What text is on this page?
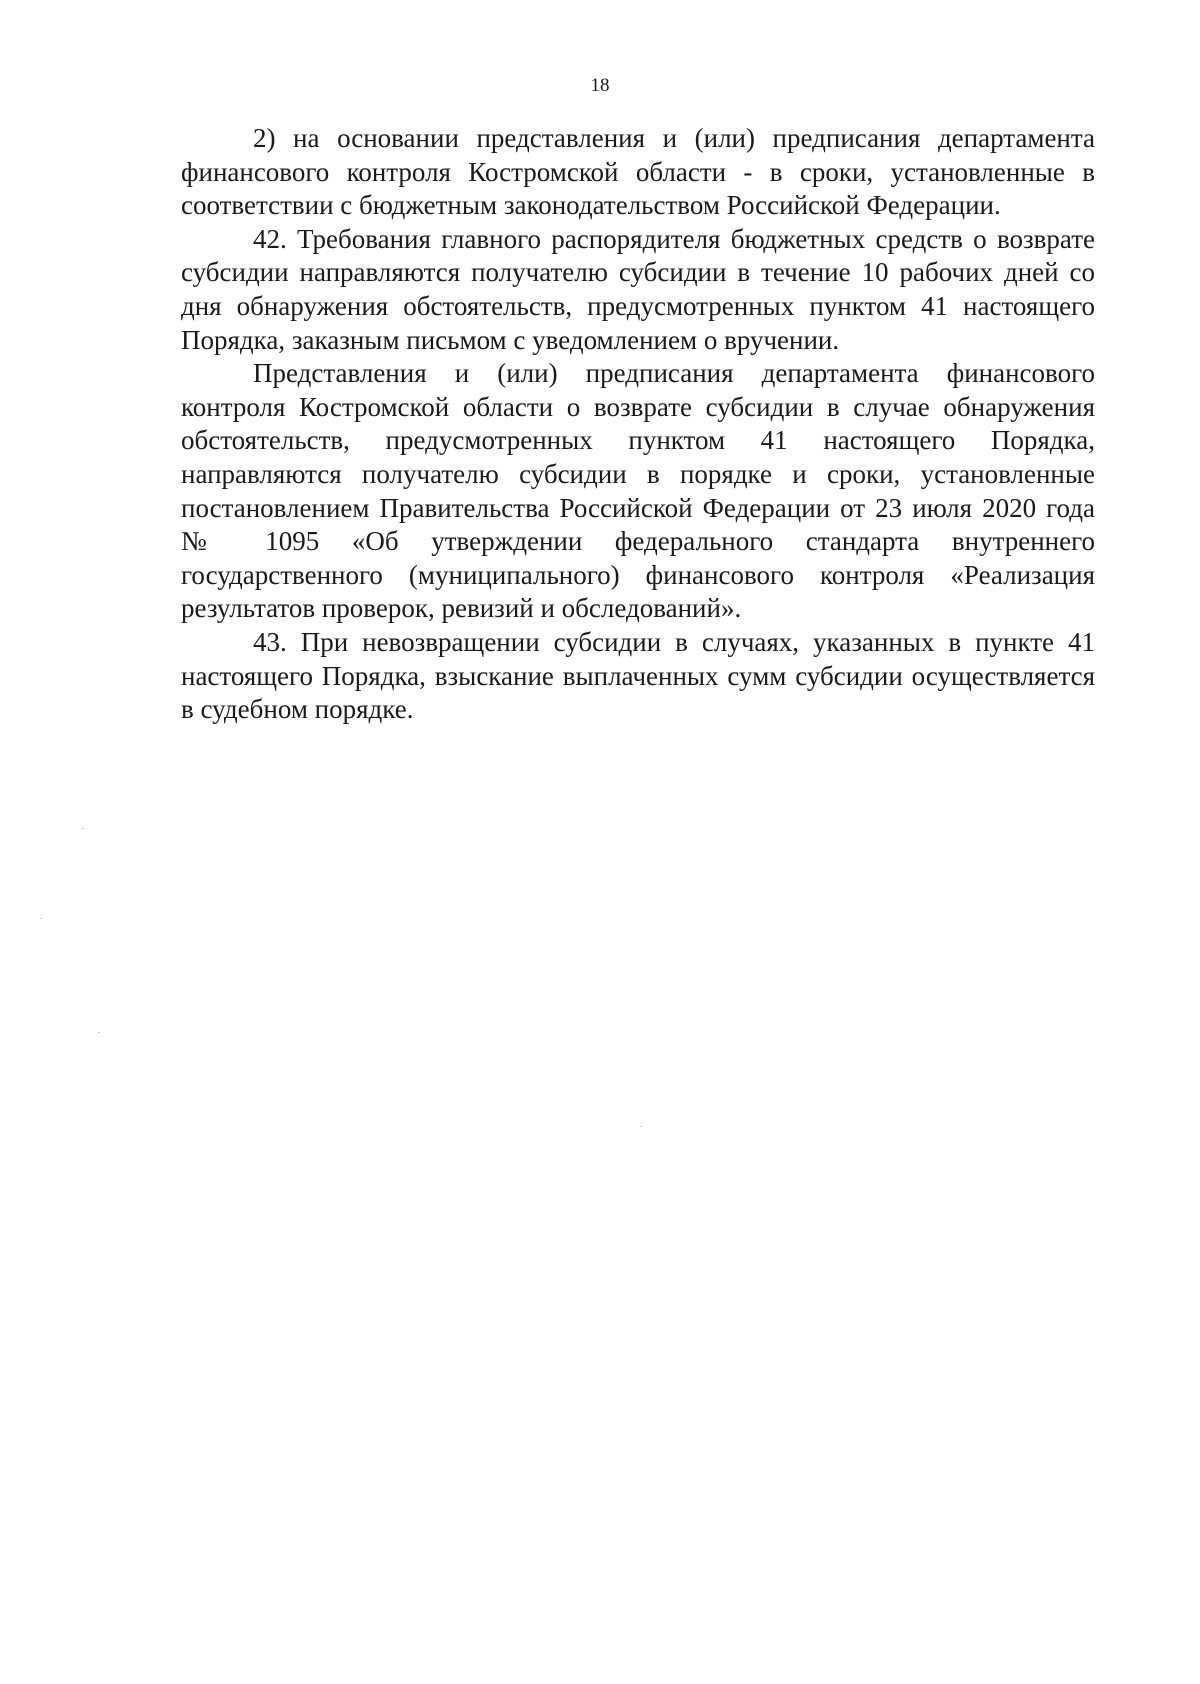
18

2) на основании представления и (или) предписания департамента финансового контроля Костромской области - в сроки, установленные в соответствии с бюджетным законодательством Российской Федерации.

42. Требования главного распорядителя бюджетных средств о возврате субсидии направляются получателю субсидии в течение 10 рабочих дней со дня обнаружения обстоятельств, предусмотренных пунктом 41 настоящего Порядка, заказным письмом с уведомлением о вручении.

Представления и (или) предписания департамента финансового контроля Костромской области о возврате субсидии в случае обнаружения обстоятельств, предусмотренных пунктом 41 настоящего Порядка, направляются получателю субсидии в порядке и сроки, установленные постановлением Правительства Российской Федерации от 23 июля 2020 года № 1095 «Об утверждении федерального стандарта внутреннего государственного (муниципального) финансового контроля «Реализация результатов проверок, ревизий и обследований».

43. При невозвращении субсидии в случаях, указанных в пункте 41 настоящего Порядка, взыскание выплаченных сумм субсидии осуществляется в судебном порядке.
